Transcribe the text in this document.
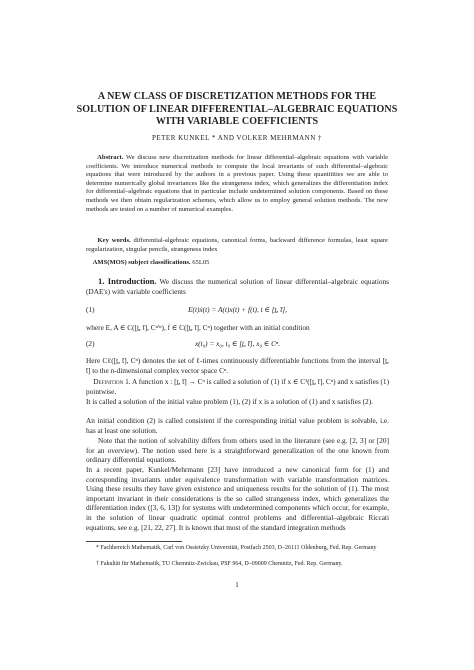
A NEW CLASS OF DISCRETIZATION METHODS FOR THE
SOLUTION OF LINEAR DIFFERENTIAL–ALGEBRAIC EQUATIONS
WITH VARIABLE COEFFICIENTS
PETER KUNKEL * AND VOLKER MEHRMANN †
Abstract. We discuss new discretization methods for linear differential–algebraic equations with variable coefficients. We introduce numerical methods to compute the local invariants of such differential–algebraic equations that were introduced by the authors in a previous paper. Using these quantitities we are able to determine numerically global invariances like the strangeness index, which generalizes the differentiation index for differential–algebraic equations that in particular include undetermined solution components. Based on these methods we then obtain regularization schemes, which allow us to employ general solution methods. The new methods are tested on a number of numerical examples.
Key words. differential-algebraic equations, canonical forms, backward difference formulas, least square regularization, singular pencils, strangeness index
AMS(MOS) subject classifications. 65L05
1. Introduction. We discuss the numerical solution of linear differential–algebraic equations (DAE's) with variable coefficients
(1)	E(t)ẋ(t) = A(t)x(t) + f(t), t ∈ [t̲, t̄],
where E, A ∈ C([t̲, t̄], Cⁿ'ⁿ), f ∈ C([t̲, t̄], Cⁿ) together with an initial condition
(2)	x(t₀) = x₀, t₀ ∈ [t̲, t̄], x₀ ∈ Cⁿ.
Here Cℓ([t̲, t̄], Cⁿ) denotes the set of ℓ-times continuously differentiable functions from the interval [t̲, t̄] to the n-dimensional complex vector space Cⁿ.
Definition 1. A function x : [t̲, t̄] → Cⁿ is called a solution of (1) if x ∈ C¹([t̲, t̄], Cⁿ) and x satisfies (1) pointwise.
It is called a solution of the initial value problem (1), (2) if x is a solution of (1) and x satisfies (2).
An initial condition (2) is called consistent if the corresponding initial value problem is solvable, i.e. has at least one solution.
Note that the notion of solvability differs from others used in the literature (see e.g. [2, 3] or [20] for an overview). The notion used here is a straightforward generalization of the one known from ordinary differential equations.
In a recent paper, Kunkel/Mehrmann [23] have introduced a new canonical form for (1) and corresponding invariants under equivalence transformation with variable transformation matrices. Using these results they have given existence and uniqueness results for the solution of (1). The most important invariant in their considerations is the so called strangeness index, which generalizes the differentiation index ([3, 6, 13]) for systems with undetermined components which occur, for example, in the solution of linear quadratic optimal control problems and differential–algebraic Riccati equations, see e.g. [21, 22, 27]. It is known that most of the standard integration methods
* Fachbereich Mathematik, Carl von Ossietzky Universität, Postfach 2503, D–26111 Oldenburg, Fed. Rep. Germany
† Fakultät für Mathematik, TU Chemnitz-Zwickau, PSF 964, D–09009 Chemnitz, Fed. Rep. Germany.
1
